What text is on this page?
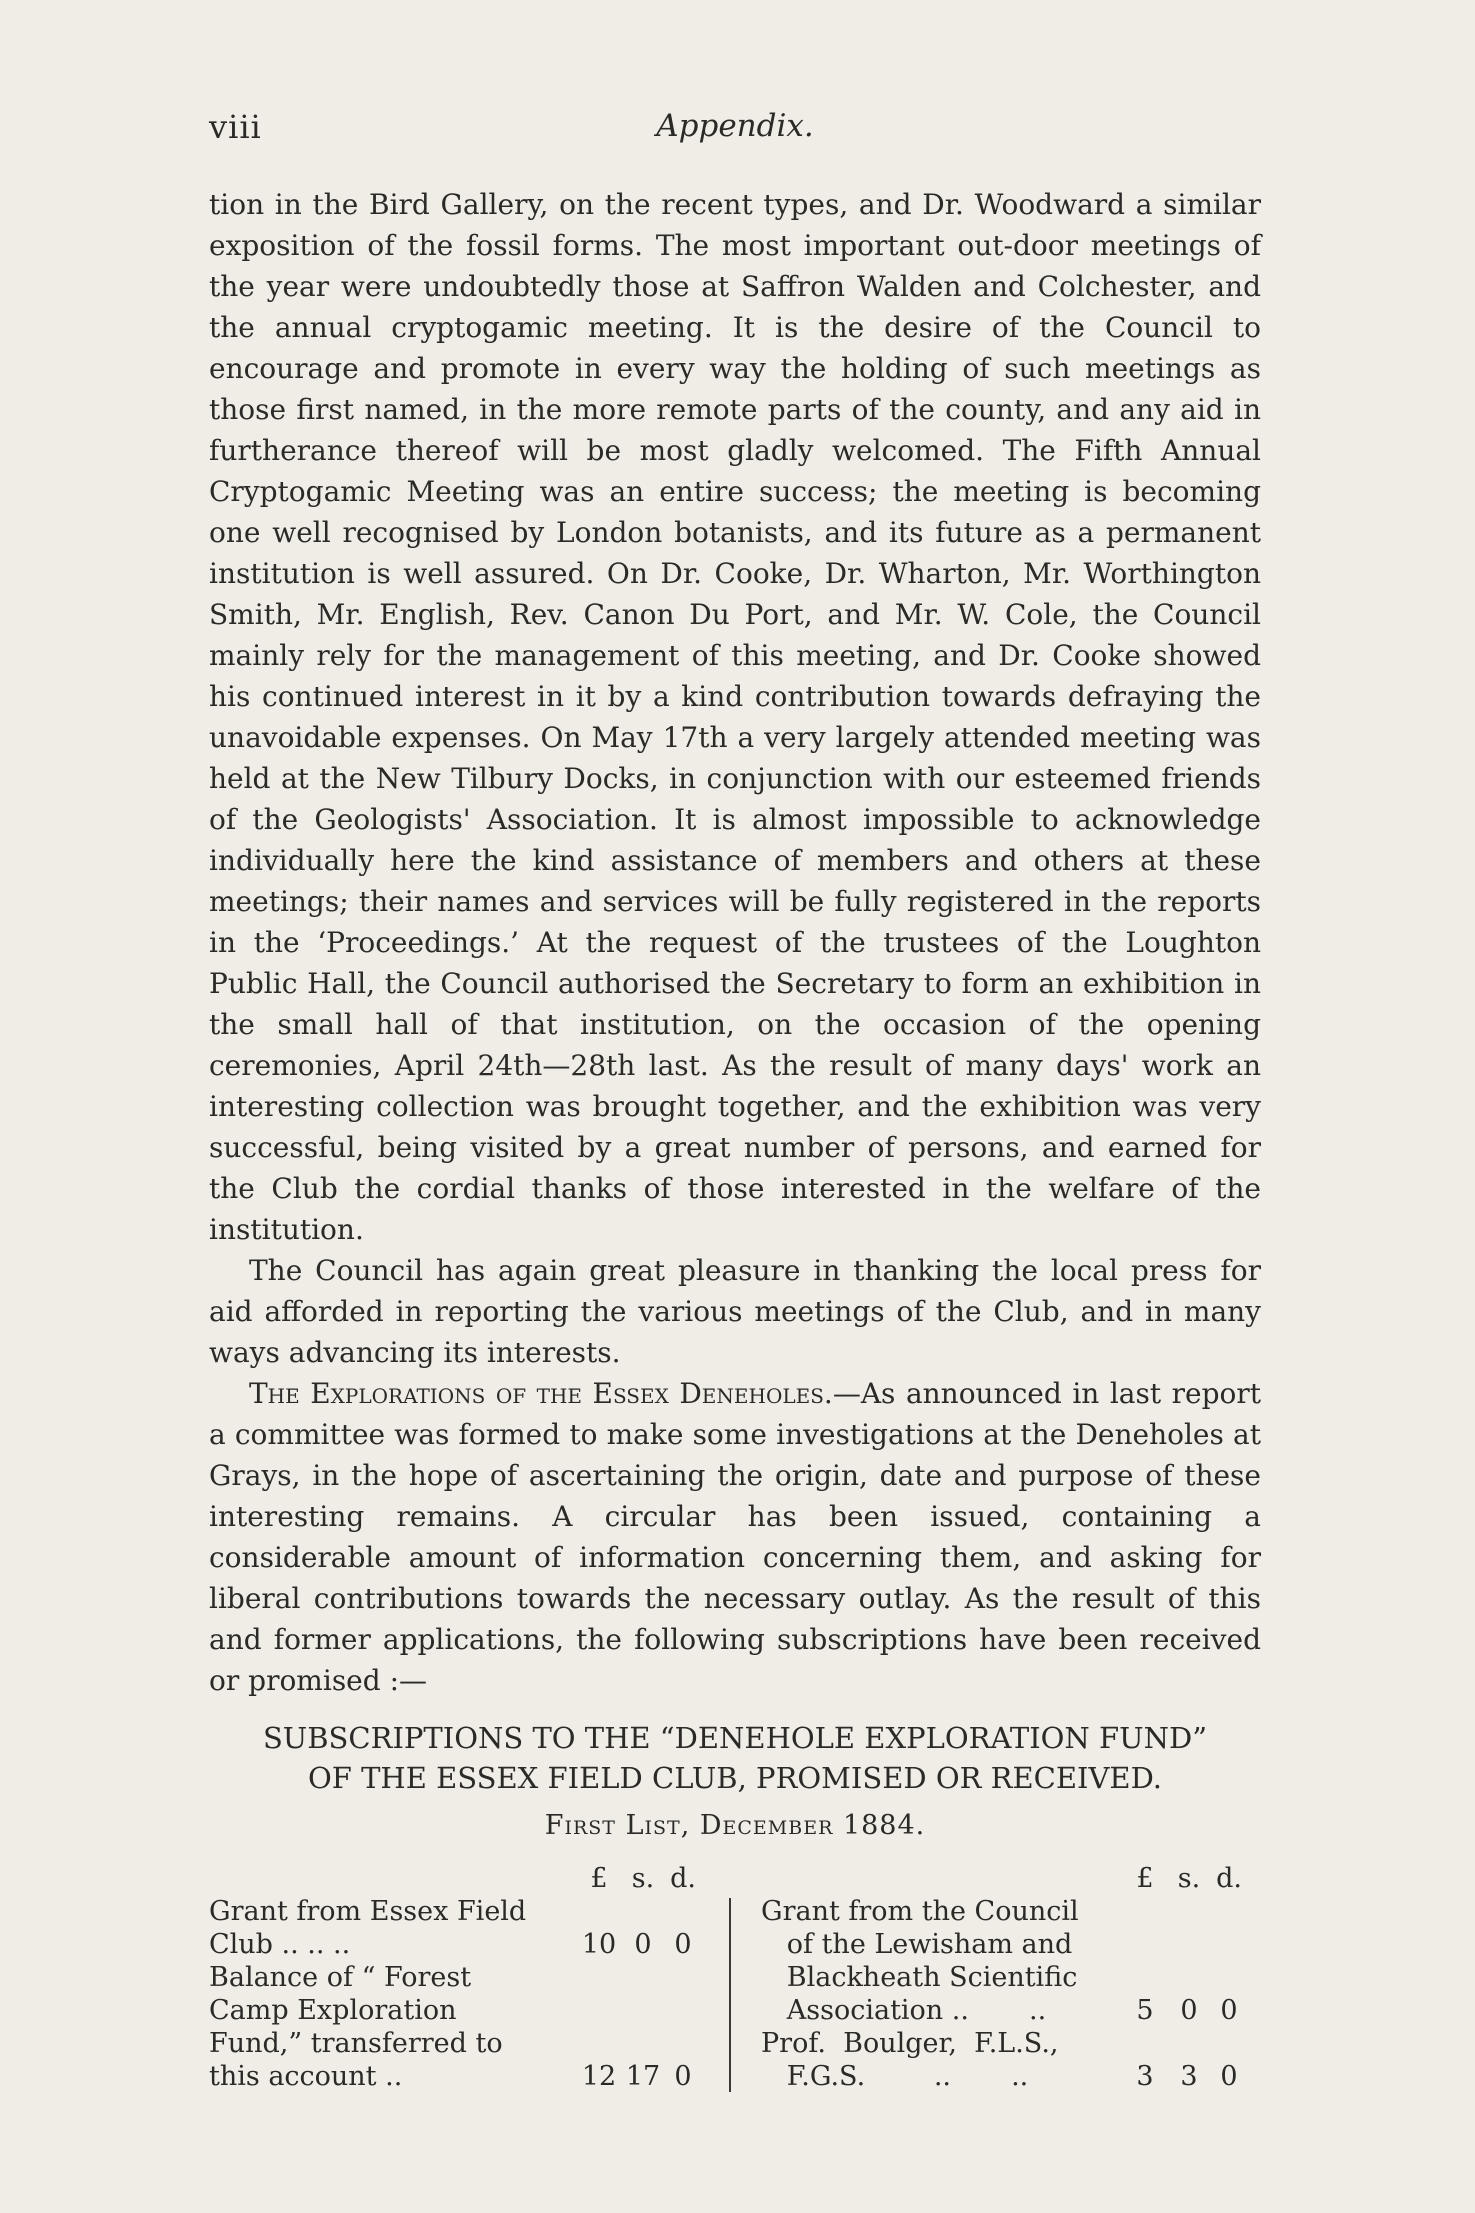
viii	Appendix.

tion in the Bird Gallery, on the recent types, and Dr. Woodward a similar exposition of the fossil forms. The most important out-door meetings of the year were undoubtedly those at Saffron Walden and Colchester, and the annual cryptogamic meeting. It is the desire of the Council to encourage and promote in every way the holding of such meetings as those first named, in the more remote parts of the county, and any aid in furtherance thereof will be most gladly welcomed. The Fifth Annual Cryptogamic Meeting was an entire success; the meeting is becoming one well recognised by London botanists, and its future as a permanent institution is well assured. On Dr. Cooke, Dr. Wharton, Mr. Worthington Smith, Mr. English, Rev. Canon Du Port, and Mr. W. Cole, the Council mainly rely for the management of this meeting, and Dr. Cooke showed his continued interest in it by a kind contribution towards defraying the unavoidable expenses. On May 17th a very largely attended meeting was held at the New Tilbury Docks, in conjunction with our esteemed friends of the Geologists' Association. It is almost impossible to acknowledge individually here the kind assistance of members and others at these meetings; their names and services will be fully registered in the reports in the ‘Proceedings.’ At the request of the trustees of the Loughton Public Hall, the Council authorised the Secretary to form an exhibition in the small hall of that institution, on the occasion of the opening ceremonies, April 24th—28th last. As the result of many days' work an interesting collection was brought together, and the exhibition was very successful, being visited by a great number of persons, and earned for the Club the cordial thanks of those interested in the welfare of the institution.

The Council has again great pleasure in thanking the local press for aid afforded in reporting the various meetings of the Club, and in many ways advancing its interests.

The Explorations of the Essex Deneholes.—As announced in last report a committee was formed to make some investigations at the Deneholes at Grays, in the hope of ascertaining the origin, date and purpose of these interesting remains. A circular has been issued, containing a considerable amount of information concerning them, and asking for liberal contributions towards the necessary outlay. As the result of this and former applications, the following subscriptions have been received or promised :—

SUBSCRIPTIONS TO THE “DENEHOLE EXPLORATION FUND”
OF THE ESSEX FIELD CLUB, PROMISED OR RECEIVED.
First List, December 1884.
£ s. d.
Grant from Essex Field
Club .. .. ..	10 0 0
Balance of “ Forest
Camp Exploration
Fund,” transferred to
this account ..	12 17 0
£ s. d.
Grant from the Council
of the Lewisham and
Blackheath Scientific
Association ..       ..	5 0 0
Prof.  Boulger,  F.L.S.,
F.G.S.        ..       ..	3 3 0
